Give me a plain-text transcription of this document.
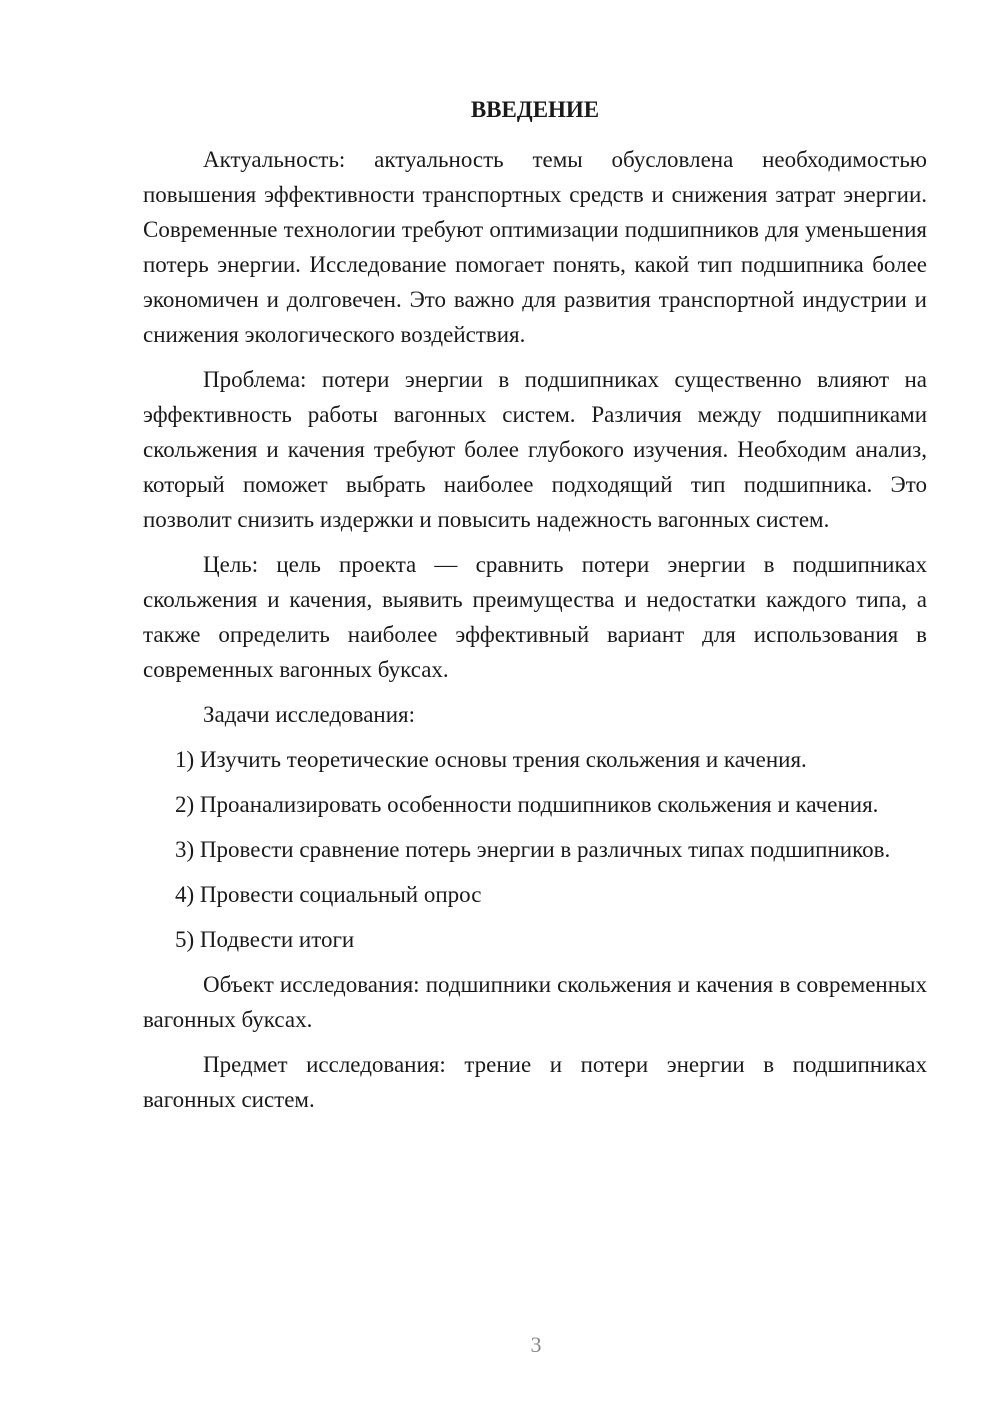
ВВЕДЕНИЕ

Актуальность: актуальность темы обусловлена необходимостью повышения эффективности транспортных средств и снижения затрат энергии. Современные технологии требуют оптимизации подшипников для уменьшения потерь энергии. Исследование помогает понять, какой тип подшипника более экономичен и долговечен. Это важно для развития транспортной индустрии и снижения экологического воздействия.

Проблема: потери энергии в подшипниках существенно влияют на эффективность работы вагонных систем. Различия между подшипниками скольжения и качения требуют более глубокого изучения. Необходим анализ, который поможет выбрать наиболее подходящий тип подшипника. Это позволит снизить издержки и повысить надежность вагонных систем.

Цель: цель проекта — сравнить потери энергии в подшипниках скольжения и качения, выявить преимущества и недостатки каждого типа, а также определить наиболее эффективный вариант для использования в современных вагонных буксах.

Задачи исследования:

1) Изучить теоретические основы трения скольжения и качения.

2) Проанализировать особенности подшипников скольжения и качения.

3) Провести сравнение потерь энергии в различных типах подшипников.

4) Провести социальный опрос

5) Подвести итоги

Объект исследования: подшипники скольжения и качения в современных вагонных буксах.

Предмет исследования: трение и потери энергии в подшипниках вагонных систем.

3
